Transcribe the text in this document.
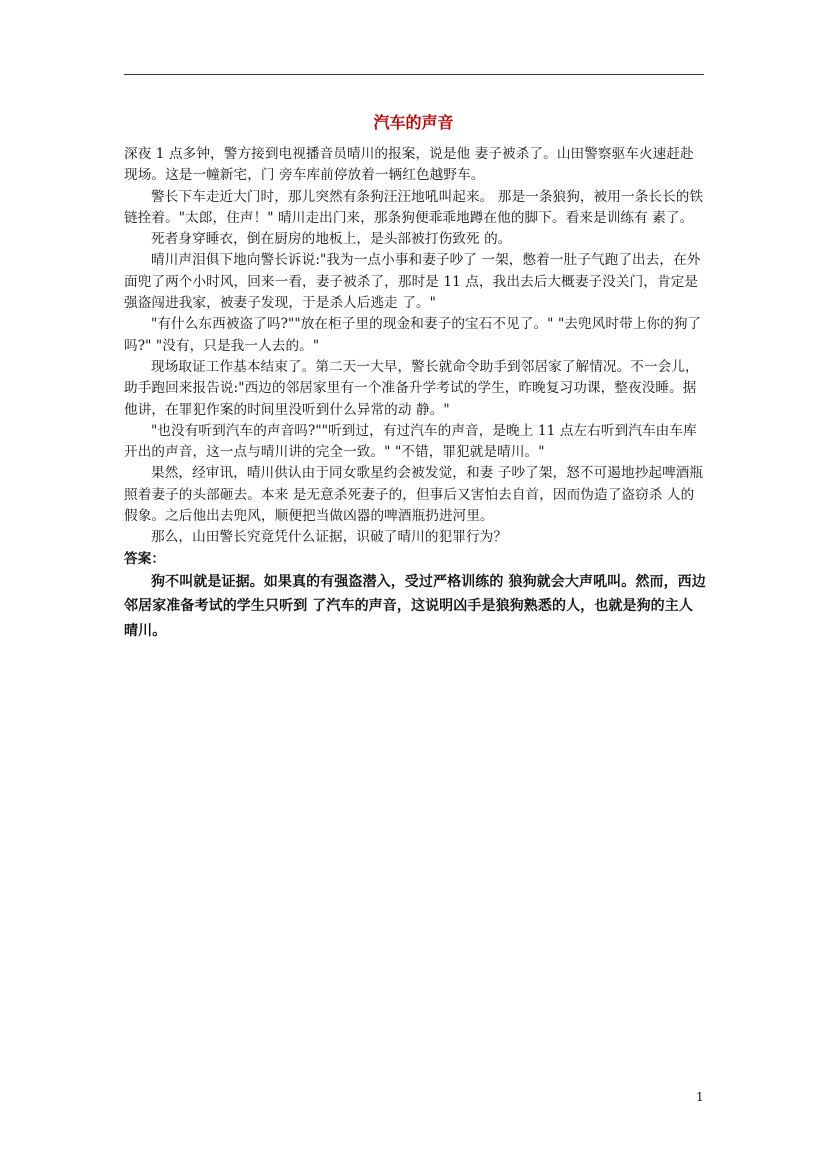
汽车的声音

深夜 1 点多钟，警方接到电视播音员晴川的报案，说是他 妻子被杀了。山田警察驱车火速赶赴现场。这是一幢新宅，门 旁车库前停放着一辆红色越野车。

警长下车走近大门时，那儿突然有条狗汪汪地吼叫起来。 那是一条狼狗，被用一条长长的铁链拴着。"太郎，住声！" 晴川走出门来，那条狗便乖乖地蹲在他的脚下。看来是训练有 素了。

死者身穿睡衣，倒在厨房的地板上，是头部被打伤致死 的。

晴川声泪俱下地向警长诉说:"我为一点小事和妻子吵了 一架，憋着一肚子气跑了出去，在外面兜了两个小时风，回来一看，妻子被杀了，那时是 11 点，我出去后大概妻子没关门，肯定是强盗闯进我家，被妻子发现，于是杀人后逃走 了。"

"有什么东西被盗了吗?""放在柜子里的现金和妻子的宝石不见了。" "去兜风时带上你的狗了吗?" "没有，只是我一人去的。"

现场取证工作基本结束了。第二天一大早，警长就命令助手到邻居家了解情况。不一会儿，助手跑回来报告说:"西边的邻居家里有一个准备升学考试的学生，昨晚复习功课，整夜没睡。据他讲，在罪犯作案的时间里没听到什么异常的动 静。"

"也没有听到汽车的声音吗?""听到过，有过汽车的声音，是晚上 11 点左右听到汽车由车库开出的声音，这一点与晴川讲的完全一致。" "不错，罪犯就是晴川。"

果然，经审讯，晴川供认由于同女歌星约会被发觉，和妻 子吵了架，怒不可遏地抄起啤酒瓶照着妻子的头部砸去。本来 是无意杀死妻子的，但事后又害怕去自首，因而伪造了盗窃杀 人的假象。之后他出去兜风，顺便把当做凶器的啤酒瓶扔进河里。

那么，山田警长究竟凭什么证据，识破了晴川的犯罪行为？

答案：

狗不叫就是证据。如果真的有强盗潜入，受过严格训练的 狼狗就会大声吼叫。然而，西边邻居家准备考试的学生只听到 了汽车的声音，这说明凶手是狼狗熟悉的人，也就是狗的主人 晴川。

1
